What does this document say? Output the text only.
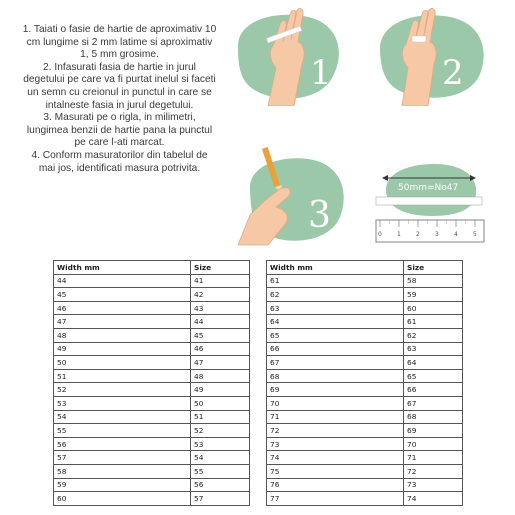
1. Taiati o fasie de hartie de aproximativ 10 cm lungime si 2 mm latime si aproximativ 1, 5 mm grosime.

2. Infasurati fasia de hartie in jurul degetului pe care va fi purtat inelul si faceti un semn cu creionul in punctul in care se intalneste fasia in jurul degetului.

3. Masurati pe o rigla, in milimetri, lungimea benzii de hartie pana la punctul pe care l-ati marcat.

4. Conform masuratorilor din tabelul de mai jos, identificati masura potrivita.

1	2
3
50mm=No47
0	1	2	3	4	5
Width mm	Size
44	41
45	42
46	43
47	44
48	45
49	46
50	47
51	48
52	49
53	50
54	51
55	52
56	53
57	54
58	55
59	56
60	57
Width mm	Size
61	58
62	59
63	60
64	61
65	62
66	63
67	64
68	65
69	66
70	67
71	68
72	69
73	70
74	71
75	72
76	73
77	74
